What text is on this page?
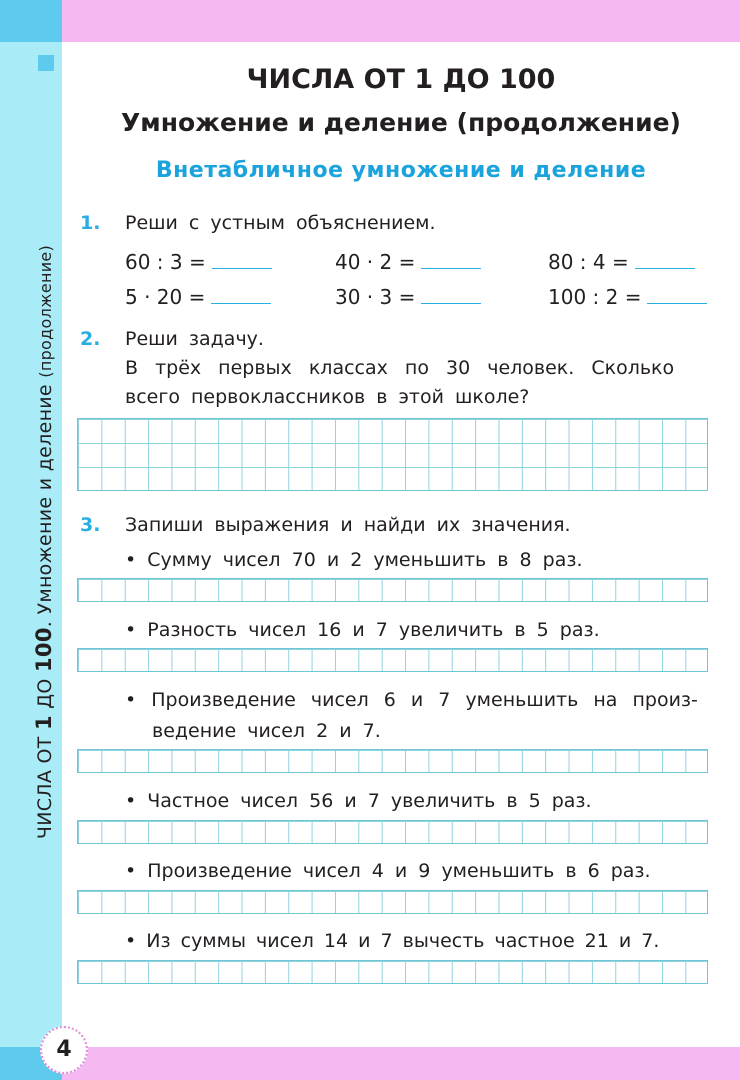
ЧИСЛА ОТ 1 ДО 100. Умножение и деление (продолжение)
4
ЧИСЛА ОТ 1 ДО 100
Умножение и деление (продолжение)
Внетабличное умножение и деление
1. Реши с устным объяснением.
60 : 3 =	40 · 2 =	80 : 4 =
5 · 20 =	30 · 3 =	100 : 2 =
2. Реши задачу.
В трёх первых классах по 30 человек. Сколько
всего первоклассников в этой школе?
3. Запиши выражения и найди их значения.
• Сумму чисел 70 и 2 уменьшить в 8 раз.
• Разность чисел 16 и 7 увеличить в 5 раз.
• Произведение чисел 6 и 7 уменьшить на произ-
ведение чисел 2 и 7.
• Частное чисел 56 и 7 увеличить в 5 раз.
• Произведение чисел 4 и 9 уменьшить в 6 раз.
• Из суммы чисел 14 и 7 вычесть частное 21 и 7.
